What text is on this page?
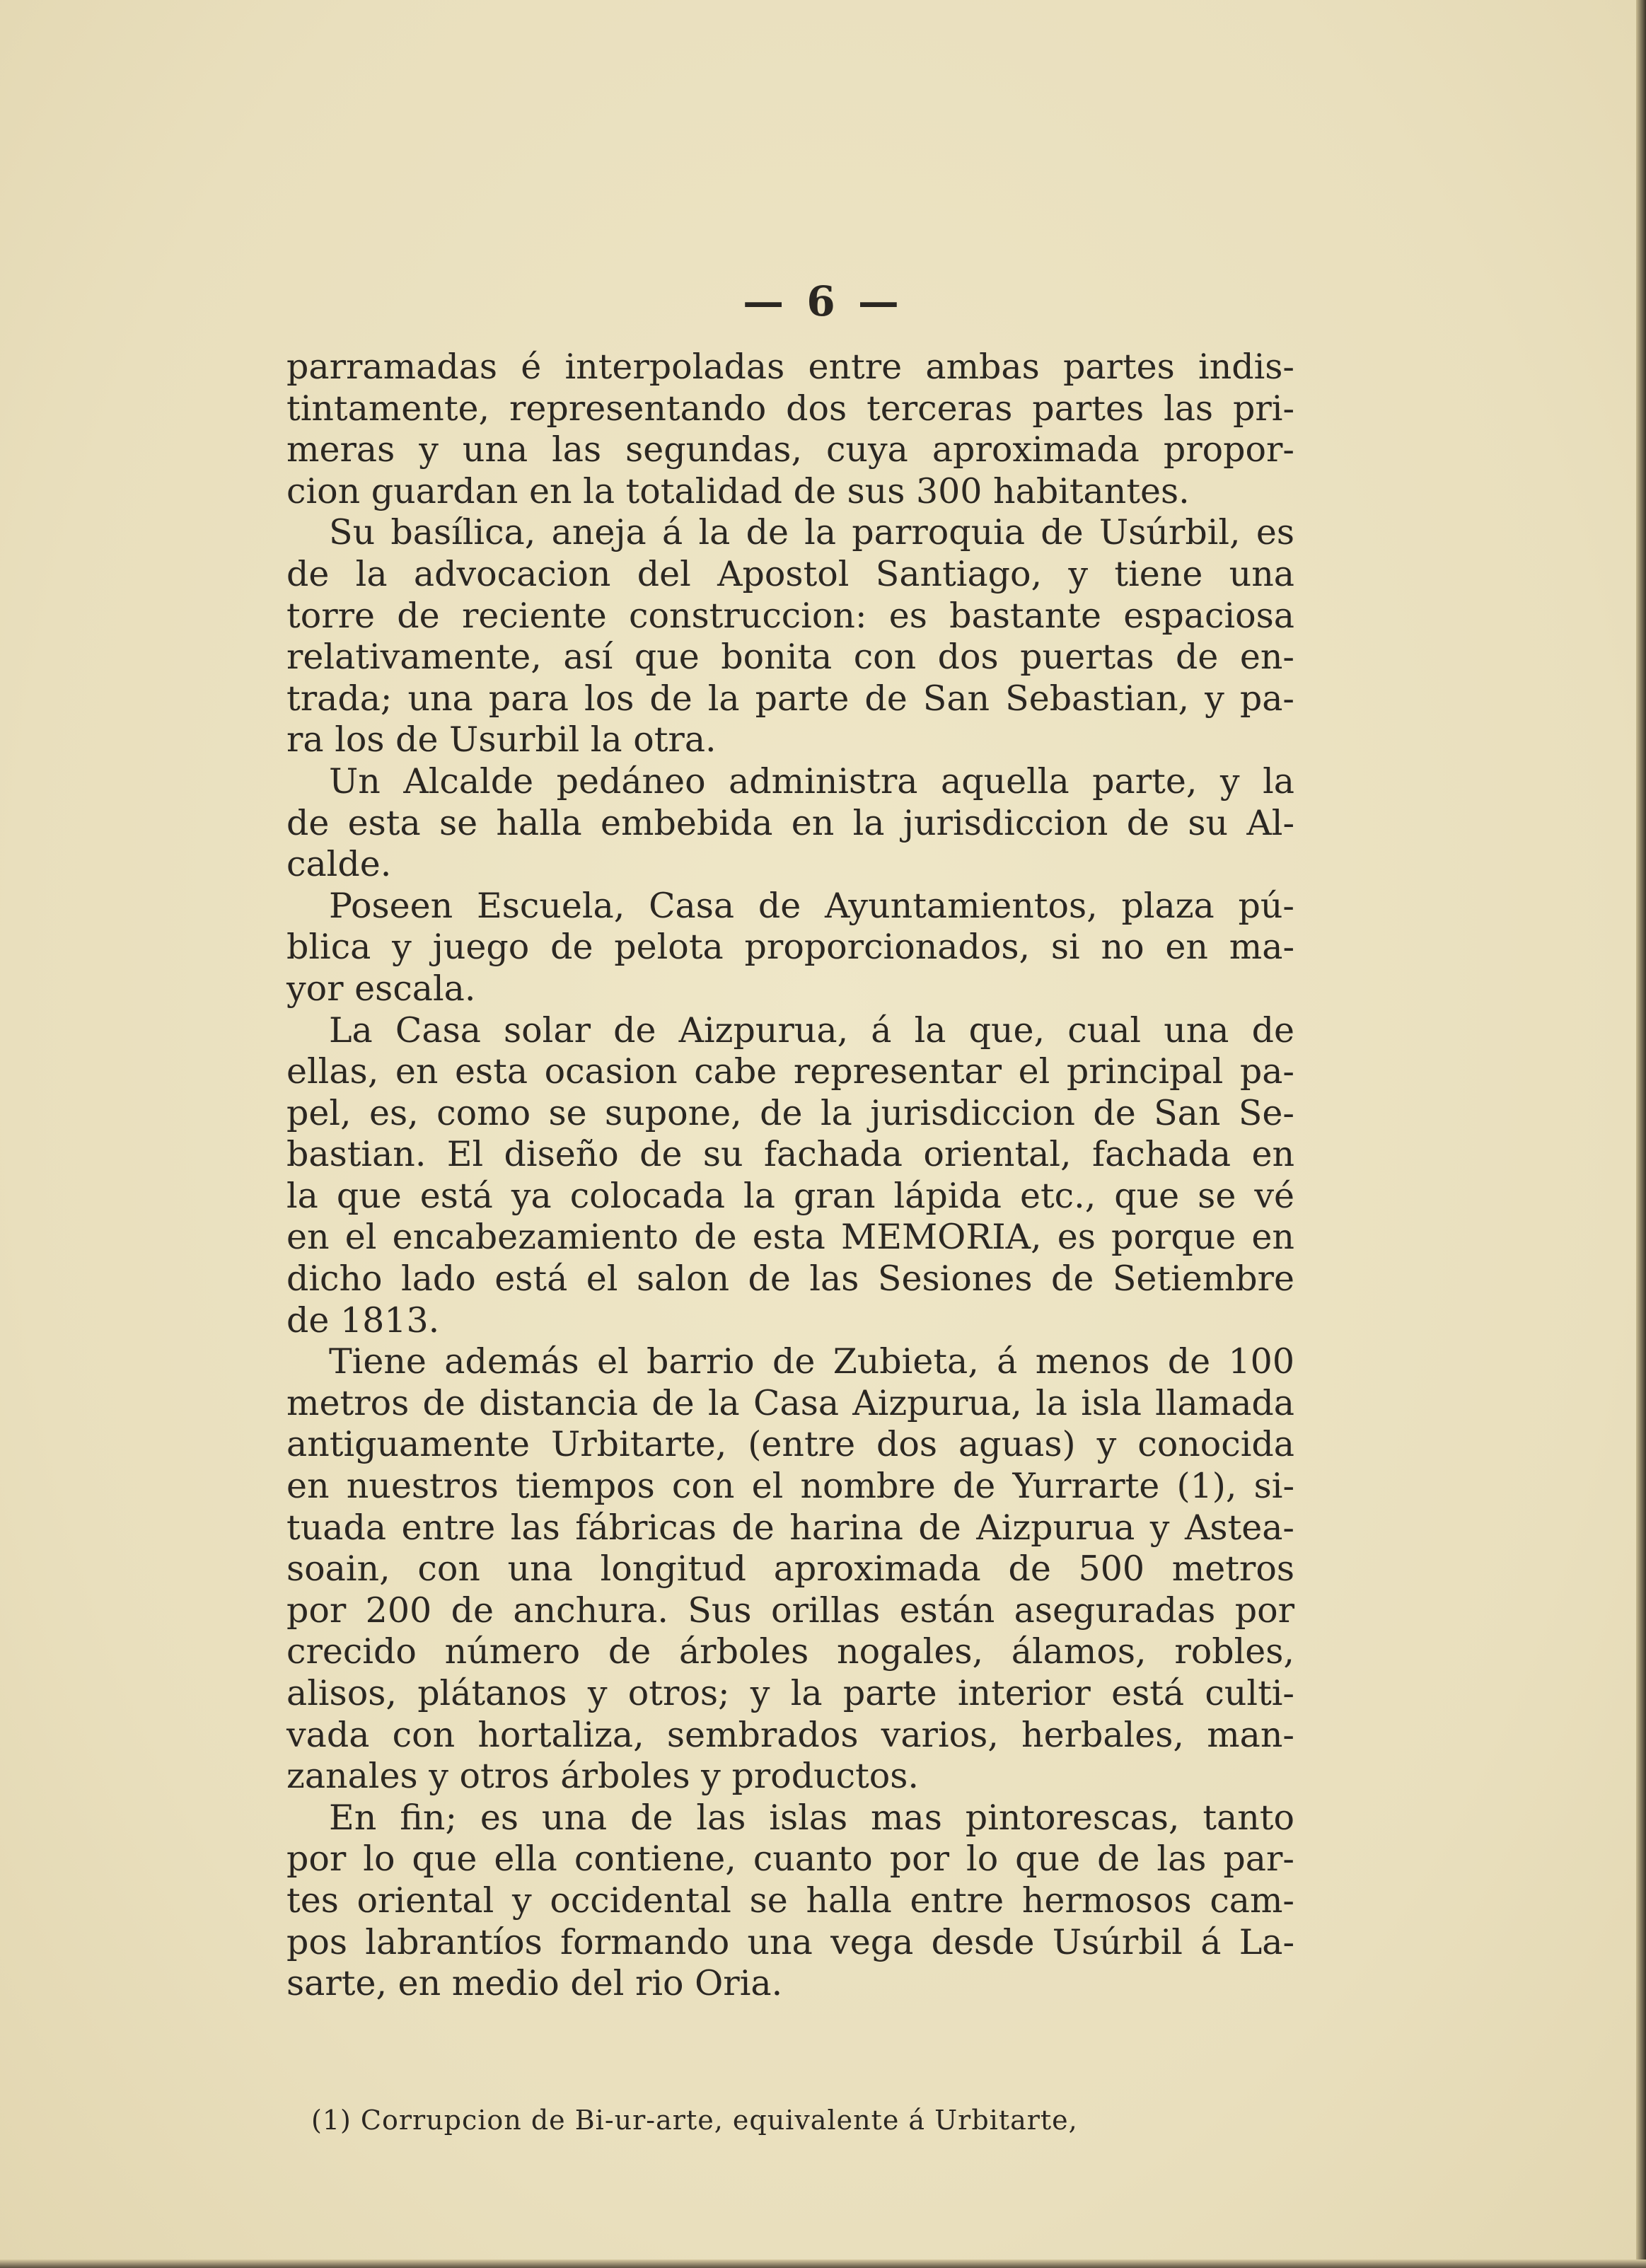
— 6 —
parramadas é interpoladas entre ambas partes indis-
tintamente, representando dos terceras partes las pri-
meras y una las segundas, cuya aproximada propor-
cion guardan en la totalidad de sus 300 habitantes.
Su basílica, aneja á la de la parroquia de Usúrbil, es
de la advocacion del Apostol Santiago, y tiene una
torre de reciente construccion: es bastante espaciosa
relativamente, así que bonita con dos puertas de en-
trada; una para los de la parte de San Sebastian, y pa-
ra los de Usurbil la otra.
Un Alcalde pedáneo administra aquella parte, y la
de esta se halla embebida en la jurisdiccion de su Al-
calde.
Poseen Escuela, Casa de Ayuntamientos, plaza pú-
blica y juego de pelota proporcionados, si no en ma-
yor escala.
La Casa solar de Aizpurua, á la que, cual una de
ellas, en esta ocasion cabe representar el principal pa-
pel, es, como se supone, de la jurisdiccion de San Se-
bastian. El diseño de su fachada oriental, fachada en
la que está ya colocada la gran lápida etc., que se vé
en el encabezamiento de esta MEMORIA, es porque en
dicho lado está el salon de las Sesiones de Setiembre
de 1813.
Tiene además el barrio de Zubieta, á menos de 100
metros de distancia de la Casa Aizpurua, la isla llamada
antiguamente Urbitarte, (entre dos aguas) y conocida
en nuestros tiempos con el nombre de Yurrarte (1), si-
tuada entre las fábricas de harina de Aizpurua y Astea-
soain, con una longitud aproximada de 500 metros
por 200 de anchura. Sus orillas están aseguradas por
crecido número de árboles nogales, álamos, robles,
alisos, plátanos y otros; y la parte interior está culti-
vada con hortaliza, sembrados varios, herbales, man-
zanales y otros árboles y productos.
En fin; es una de las islas mas pintorescas, tanto
por lo que ella contiene, cuanto por lo que de las par-
tes oriental y occidental se halla entre hermosos cam-
pos labrantíos formando una vega desde Usúrbil á La-
sarte, en medio del rio Oria.
(1) Corrupcion de Bi-ur-arte, equivalente á Urbitarte,
